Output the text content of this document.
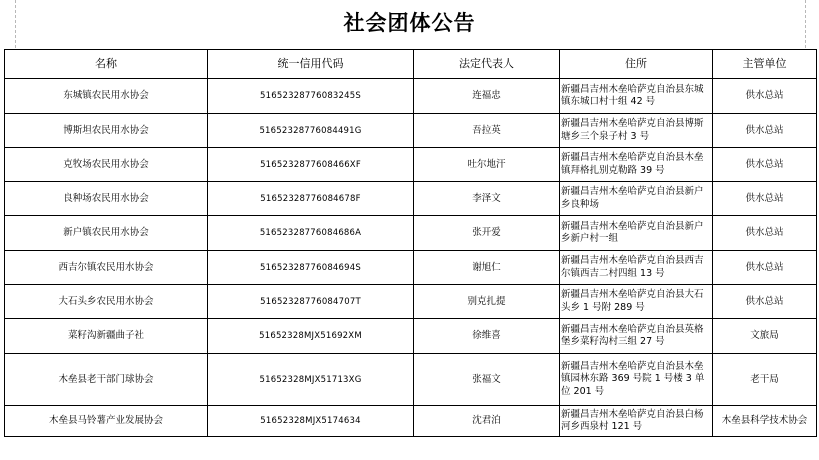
社会团体公告
名称	统一信用代码	法定代表人	住所	主管单位
东城镇农民用水协会	51652328776083245S	连福忠	新疆昌吉州木垒哈萨克自治县东城镇东城口村十组 42 号	供水总站
博斯坦农民用水协会	51652328776084491G	吾拉英	新疆昌吉州木垒哈萨克自治县博斯塘乡三个泉子村 3 号	供水总站
克牧场农民用水协会	516523287760846​6XF	吐尔地汗	新疆昌吉州木垒哈萨克自治县木垒镇拜格扎别克勒路 39 号	供水总站
良种场农民用水协会	51652328776084678F	李泽文	新疆昌吉州木垒哈萨克自治县新户乡良种场	供水总站
新户镇农民用水协会	51652328776084686A	张开爱	新疆昌吉州木垒哈萨克自治县新户乡新户村一组	供水总站
西吉尔镇农民用水协会	51652328776084694S	谢旭仁	新疆昌吉州木垒哈萨克自治县西吉尔镇西吉二村四组 13 号	供水总站
大石头乡农民用水协会	51652328776084707T	别克扎提	新疆昌吉州木垒哈萨克自治县大石头乡 1 号附 289 号	供水总站
菜籽沟新疆曲子社	51652328MJX51692XM	徐维喜	新疆昌吉州木垒哈萨克自治县英格堡乡菜籽沟村三组 27 号	文旅局
木垒县老干部门球协会	51652328MJX51713XG	张福文	新疆昌吉州木垒哈萨克自治县木垒镇园林东路 369 号院 1 号楼 3 单位 201 号	老干局
木垒县马铃薯产业发展协会	51652328MJX51746​34	沈君泊	新疆昌吉州木垒哈萨克自治县白杨河乡西泉村 121 号	木垒县科学技术协会
